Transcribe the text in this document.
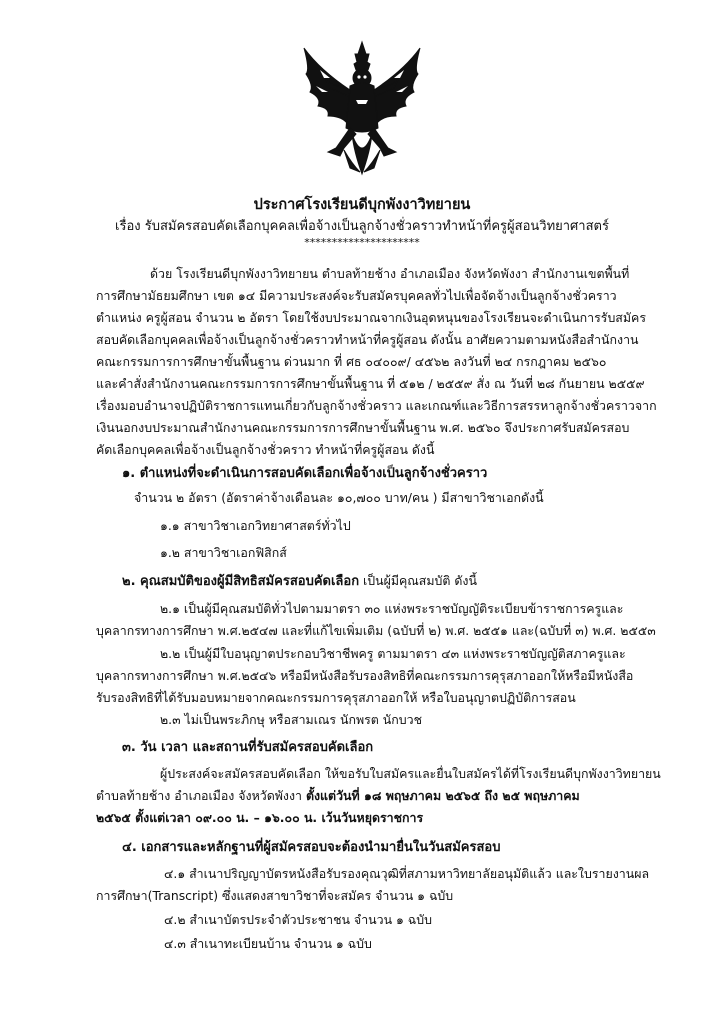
ประกาศโรงเรียนดีบุกพังงาวิทยายน

เรื่อง รับสมัครสอบคัดเลือกบุคคลเพื่อจ้างเป็นลูกจ้างชั่วคราวทำหน้าที่ครูผู้สอนวิทยาศาสตร์

*********************

ด้วย โรงเรียนดีบุกพังงาวิทยายน ตำบลท้ายช้าง อำเภอเมือง จังหวัดพังงา สำนักงานเขตพื้นที่

การศึกษามัธยมศึกษา เขต ๑๔ มีความประสงค์จะรับสมัครบุคคลทั่วไปเพื่อจัดจ้างเป็นลูกจ้างชั่วคราว

ตำแหน่ง ครูผู้สอน จำนวน ๒ อัตรา โดยใช้งบประมาณจากเงินอุดหนุนของโรงเรียนจะดำเนินการรับสมัคร

สอบคัดเลือกบุคคลเพื่อจ้างเป็นลูกจ้างชั่วคราวทำหน้าที่ครูผู้สอน ดังนั้น อาศัยความตามหนังสือสำนักงาน

คณะกรรมการการศึกษาขั้นพื้นฐาน ด่วนมาก ที่ ศธ ๐๔๐๐๙/ ๔๕๖๒ ลงวันที่ ๒๔ กรกฎาคม ๒๕๖๐

และคำสั่งสำนักงานคณะกรรมการการศึกษาขั้นพื้นฐาน ที่ ๕๑๒ / ๒๕๕๙ สั่ง ณ วันที่ ๒๘ กันยายน ๒๕๕๙

เรื่องมอบอำนาจปฏิบัติราชการแทนเกี่ยวกับลูกจ้างชั่วคราว และเกณฑ์และวิธีการสรรหาลูกจ้างชั่วคราวจาก

เงินนอกงบประมาณสำนักงานคณะกรรมการการศึกษาขั้นพื้นฐาน พ.ศ. ๒๕๖๐ จึงประกาศรับสมัครสอบ

คัดเลือกบุคคลเพื่อจ้างเป็นลูกจ้างชั่วคราว ทำหน้าที่ครูผู้สอน ดังนี้

๑. ตำแหน่งที่จะดำเนินการสอบคัดเลือกเพื่อจ้างเป็นลูกจ้างชั่วคราว

จำนวน ๒ อัตรา (อัตราค่าจ้างเดือนละ ๑๐,๗๐๐ บาท/คน ) มีสาขาวิชาเอกดังนี้

๑.๑ สาขาวิชาเอกวิทยาศาสตร์ทั่วไป

๑.๒ สาขาวิชาเอกฟิสิกส์

๒. คุณสมบัติของผู้มีสิทธิสมัครสอบคัดเลือก เป็นผู้มีคุณสมบัติ ดังนี้

๒.๑ เป็นผู้มีคุณสมบัติทั่วไปตามมาตรา ๓๐ แห่งพระราชบัญญัติระเบียบข้าราชการครูและ

บุคลากรทางการศึกษา พ.ศ.๒๕๔๗ และที่แก้ไขเพิ่มเติม (ฉบับที่ ๒) พ.ศ. ๒๕๕๑ และ(ฉบับที่ ๓) พ.ศ. ๒๕๕๓

๒.๒ เป็นผู้มีใบอนุญาตประกอบวิชาชีพครู ตามมาตรา ๔๓ แห่งพระราชบัญญัติสภาครูและ

บุคลากรทางการศึกษา พ.ศ.๒๕๔๖ หรือมีหนังสือรับรองสิทธิที่คณะกรรมการคุรุสภาออกให้หรือมีหนังสือ

รับรองสิทธิที่ได้รับมอบหมายจากคณะกรรมการคุรุสภาออกให้ หรือใบอนุญาตปฏิบัติการสอน

๒.๓ ไม่เป็นพระภิกษุ หรือสามเณร นักพรต นักบวช

๓. วัน เวลา และสถานที่รับสมัครสอบคัดเลือก

ผู้ประสงค์จะสมัครสอบคัดเลือก ให้ขอรับใบสมัครและยื่นใบสมัครได้ที่โรงเรียนดีบุกพังงาวิทยายน

ตำบลท้ายช้าง อำเภอเมือง จังหวัดพังงา ตั้งแต่วันที่ ๑๘ พฤษภาคม ๒๕๖๕ ถึง ๒๕ พฤษภาคม

๒๕๖๕ ตั้งแต่เวลา ๐๙.๐๐ น. – ๑๖.๐๐ น. เว้นวันหยุดราชการ

๔. เอกสารและหลักฐานที่ผู้สมัครสอบจะต้องนำมายื่นในวันสมัครสอบ

๔.๑ สำเนาปริญญาบัตรหนังสือรับรองคุณวุฒิที่สภามหาวิทยาลัยอนุมัติแล้ว และใบรายงานผล

การศึกษา(Transcript) ซึ่งแสดงสาขาวิชาที่จะสมัคร จำนวน ๑ ฉบับ

๔.๒ สำเนาบัตรประจำตัวประชาชน จำนวน ๑ ฉบับ

๔.๓ สำเนาทะเบียนบ้าน จำนวน ๑ ฉบับ
